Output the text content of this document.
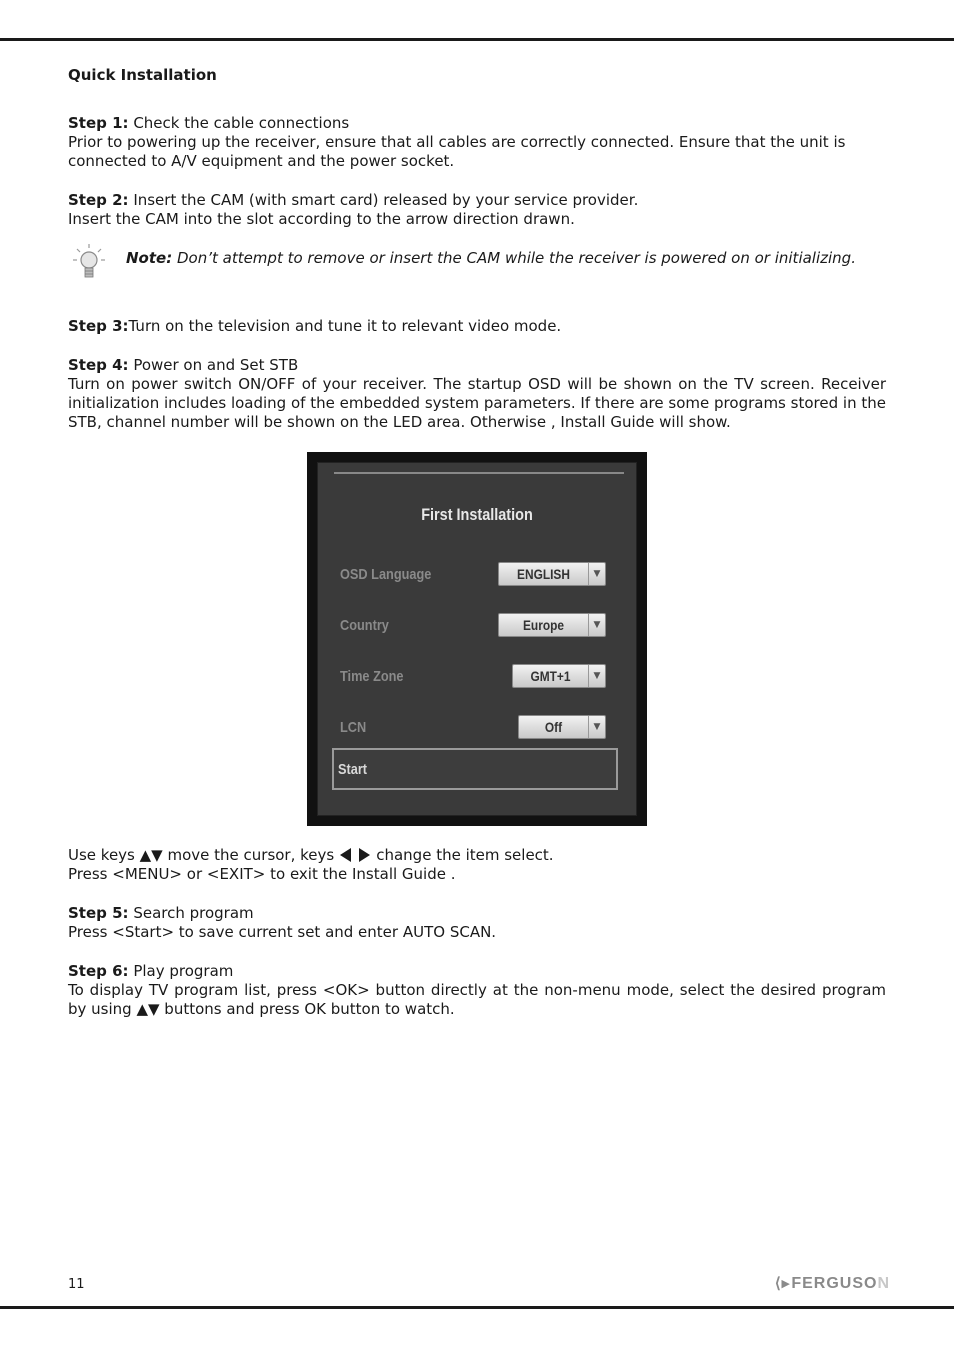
Quick Installation
Step 1: Check the cable connections
Prior to powering up the receiver, ensure that all cables are correctly connected. Ensure that the unit is connected to A/V equipment and the power socket.
Step 2: Insert the CAM (with smart card) released by your service provider.
Insert the CAM into the slot according to the arrow direction drawn.
Note: Don’t attempt to remove or insert the CAM while the receiver is powered on or initializing.
Step 3:Turn on the television and tune it to relevant video mode.
Step 4: Power on and Set STB
Turn on power switch ON/OFF of your receiver. The startup OSD will be shown on the TV screen. Receiver initialization includes loading of the embedded system parameters. If there are some programs stored in the STB, channel number will be shown on the LED area. Otherwise , Install Guide will show.
First Installation
OSD Language	ENGLISH	▼
Country	Europe	▼
Time Zone	GMT+1	▼
LCN	Off	▼
Start
Use keys ▲▼ move the cursor, keys	change the item select.
Press <MENU> or <EXIT> to exit the Install Guide .
Step 5: Search program
Press <Start> to save current set and enter AUTO SCAN.
Step 6: Play program
To display TV program list, press <OK> button directly at the non-menu mode, select the desired program by using ▲▼ buttons and press OK button to watch.
11	⟨▸FERGUSON
